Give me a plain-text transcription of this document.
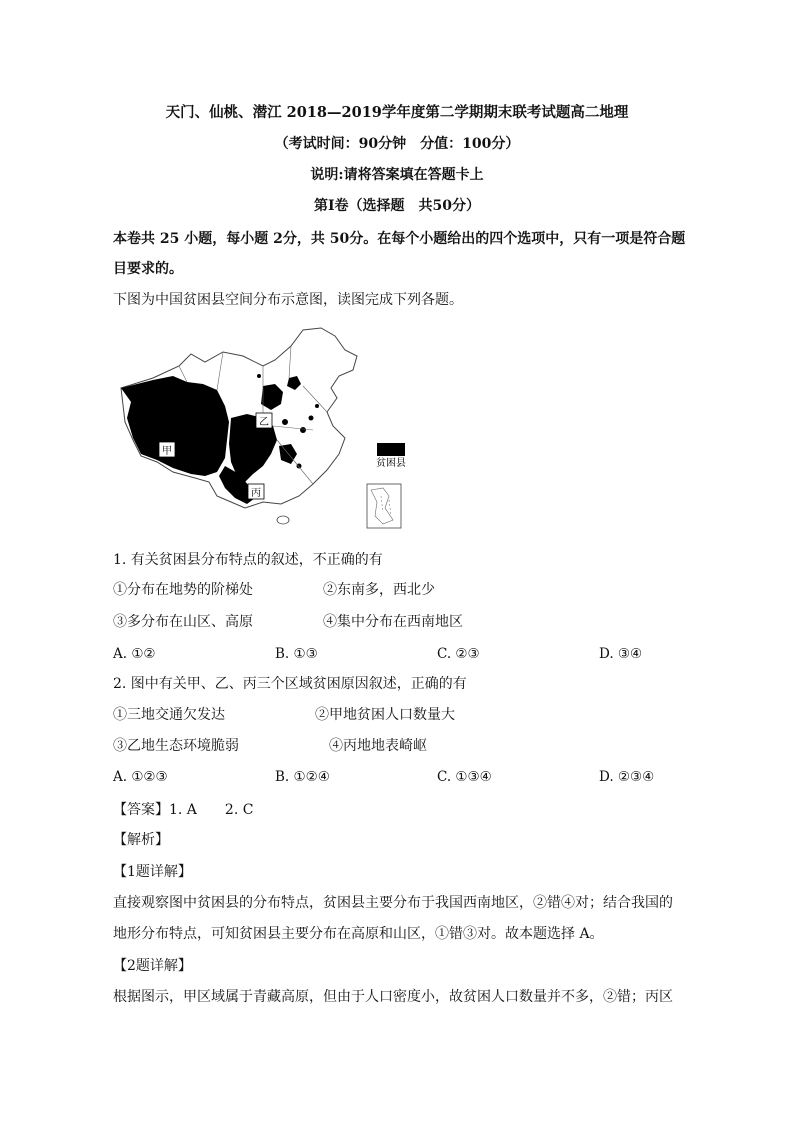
天门、仙桃、潜江 2018—2019学年度第二学期期末联考试题高二地理
（考试时间：90分钟　分值：100分）
说明:请将答案填在答题卡上
第Ⅰ卷（选择题　共50分）
本卷共 25 小题，每小题 2分，共 50分。在每个小题给出的四个选项中，只有一项是符合题
目要求的。
下图为中国贫困县空间分布示意图，读图完成下列各题。
甲
乙
丙
贫困县
1. 有关贫困县分布特点的叙述，不正确的有
①分布在地势的阶梯处	②东南多，西北少
③多分布在山区、高原	④集中分布在西南地区
A. ①②	B. ①③	C. ②③	D. ③④
2. 图中有关甲、乙、丙三个区域贫困原因叙述，正确的有
①三地交通欠发达	②甲地贫困人口数量大
③乙地生态环境脆弱	④丙地地表崎岖
A. ①②③	B. ①②④	C. ①③④	D. ②③④
【答案】1. A　　2. C
【解析】
【1题详解】
直接观察图中贫困县的分布特点，贫困县主要分布于我国西南地区，②错④对；结合我国的
地形分布特点，可知贫困县主要分布在高原和山区，①错③对。故本题选择 A。
【2题详解】
根据图示，甲区域属于青藏高原，但由于人口密度小，故贫困人口数量并不多，②错；丙区
